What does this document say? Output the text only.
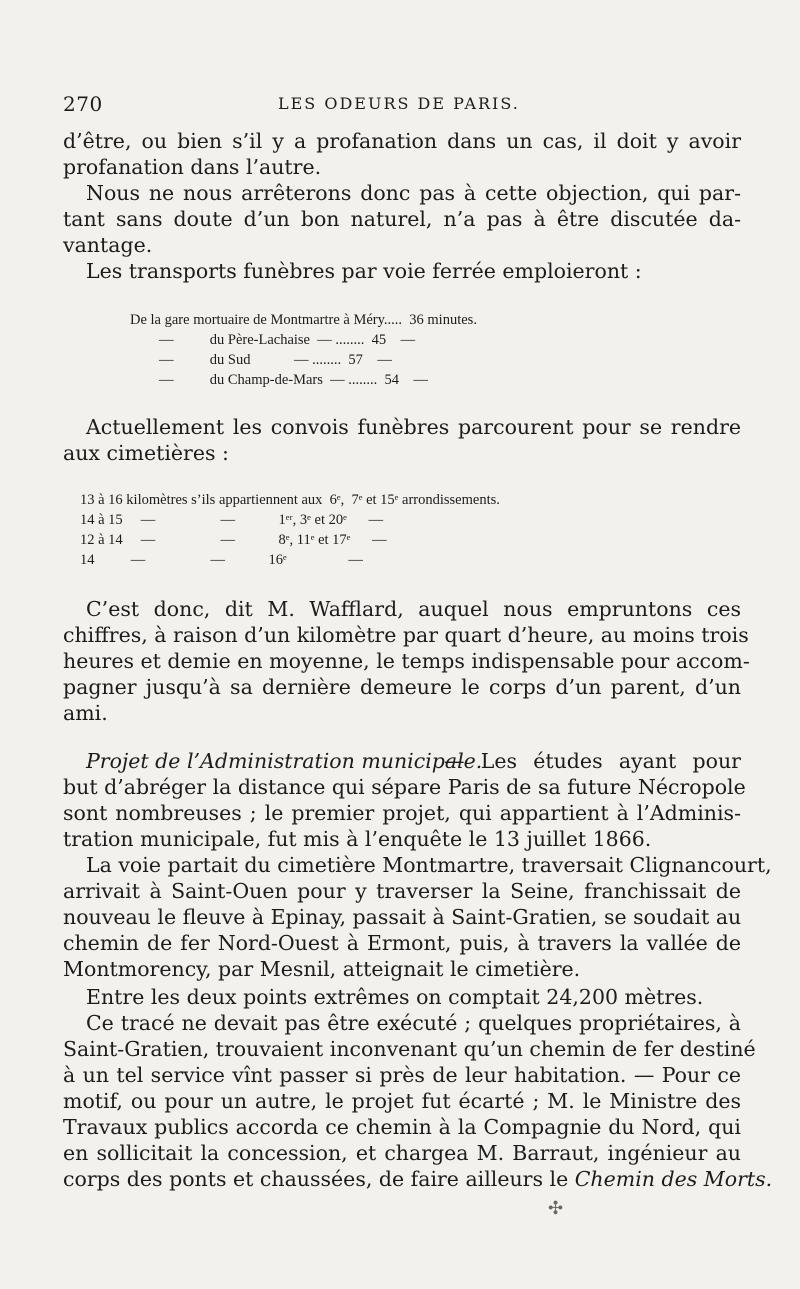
270	LES ODEURS DE PARIS.
d’être, ou bien s’il y a profanation dans un cas, il doit y avoir
profanation dans l’autre.
Nous ne nous arrêterons donc pas à cette objection, qui par-
tant sans doute d’un bon naturel, n’a pas à être discutée da-
vantage.
Les transports funèbres par voie ferrée emploieront :
De la gare mortuaire de Montmartre à Méry.....  36 minutes.
—          du Père-Lachaise  — ........  45    —
—          du Sud            — ........  57    —
—          du Champ-de-Mars  — ........  54    —
Actuellement les convois funèbres parcourent pour se rendre
aux cimetières :
13 à 16 kilomètres s’ils appartiennent aux  6ᵉ,  7ᵉ et 15ᵉ arrondissements.
14 à 15     —                  —            1ᵉʳ, 3ᵉ et 20ᵉ      —
12 à 14     —                  —            8ᵉ, 11ᵉ et 17ᵉ      —
14          —                  —            16ᵉ                 —
C’est donc, dit M. Wafflard, auquel nous empruntons ces
chiffres, à raison d’un kilomètre par quart d’heure, au moins trois
heures et demie en moyenne, le temps indispensable pour accom-
pagner jusqu’à sa dernière demeure le corps d’un parent, d’un
ami.
Projet de l’Administration municipale.
— Les études ayant pour
but d’abréger la distance qui sépare Paris de sa future Nécropole
sont nombreuses ; le premier projet, qui appartient à l’Adminis-
tration municipale, fut mis à l’enquête le 13 juillet 1866.
La voie partait du cimetière Montmartre, traversait Clignancourt,
arrivait à Saint-Ouen pour y traverser la Seine, franchissait de
nouveau le fleuve à Epinay, passait à Saint-Gratien, se soudait au
chemin de fer Nord-Ouest à Ermont, puis, à travers la vallée de
Montmorency, par Mesnil, atteignait le cimetière.
Entre les deux points extrêmes on comptait 24,200 mètres.
Ce tracé ne devait pas être exécuté ; quelques propriétaires, à
Saint-Gratien, trouvaient inconvenant qu’un chemin de fer destiné
à un tel service vînt passer si près de leur habitation. — Pour ce
motif, ou pour un autre, le projet fut écarté ; M. le Ministre des
Travaux publics accorda ce chemin à la Compagnie du Nord, qui
en sollicitait la concession, et chargea M. Barraut, ingénieur au
corps des ponts et chaussées, de faire ailleurs le Chemin des Morts.
✣
